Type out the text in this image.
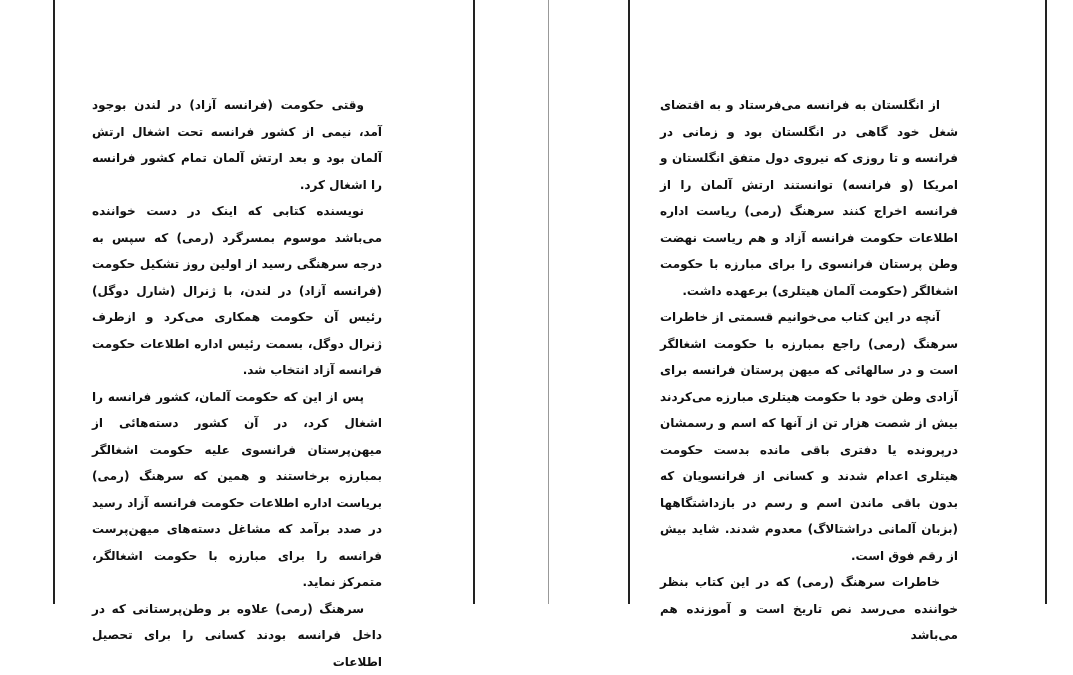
وقتی حکومت (فرانسه آزاد) در لندن بوجود آمد، نیمی از کشور فرانسه تحت اشغال ارتش آلمان بود و بعد ارتش آلمان تمام کشور فرانسه را اشغال کرد.

نویسنده کتابی که اینک در دست خواننده می‌باشد موسوم بمسرگرد (رمی) که سپس به درجه سرهنگی رسید از اولین روز تشکیل حکومت (فرانسه آزاد) در لندن، با ژنرال (شارل دوگل) رئیس آن حکومت همکاری می‌کرد و ازطرف ژنرال دوگل، بسمت رئیس اداره اطلاعات حکومت فرانسه آزاد انتخاب شد.

پس از این که حکومت آلمان، کشور فرانسه را اشغال کرد، در آن کشور دسته‌هائی از میهن‌پرستان فرانسوی علیه حکومت اشغالگر بمبارزه برخاستند و همین که سرهنگ (رمی) بریاست اداره اطلاعات حکومت فرانسه آزاد رسید در صدد برآمد که مشاغل دسته‌های میهن‌پرست فرانسه را برای مبارزه با حکومت اشغالگر، متمرکز نماید.

سرهنگ (رمی) علاوه بر وطن‌پرستانی که در داخل فرانسه بودند کسانی را برای تحصیل اطلاعات

از انگلستان به فرانسه می‌فرستاد و به اقتضای شغل خود گاهی در انگلستان بود و زمانی در فرانسه و تا روزی که نیروی دول متفق انگلستان و امریکا (و فرانسه) توانستند ارتش آلمان را از فرانسه اخراج کنند سرهنگ (رمی) ریاست اداره اطلاعات حکومت فرانسه آزاد و هم ریاست نهضت وطن پرستان فرانسوی را برای مبارزه با حکومت اشغالگر (حکومت آلمان هیتلری) برعهده داشت.

آنچه در این کتاب می‌خوانیم قسمتی از خاطرات سرهنگ (رمی) راجع بمبارزه با حکومت اشغالگر است و در سالهائی که میهن پرستان فرانسه برای آزادی وطن خود با حکومت هیتلری مبارزه می‌کردند بیش از شصت هزار تن از آنها که اسم و رسمشان درپرونده یا دفتری باقی مانده بدست حکومت هیتلری اعدام شدند و کسانی از فرانسویان که بدون باقی ماندن اسم و رسم در بازداشتگاهها (بزبان آلمانی دراشتالاگ) معدوم شدند. شاید بیش از رقم فوق است.

خاطرات سرهنگ (رمی) که در این کتاب بنظر خواننده می‌رسد نص تاریخ است و آموزنده هم می‌باشد
